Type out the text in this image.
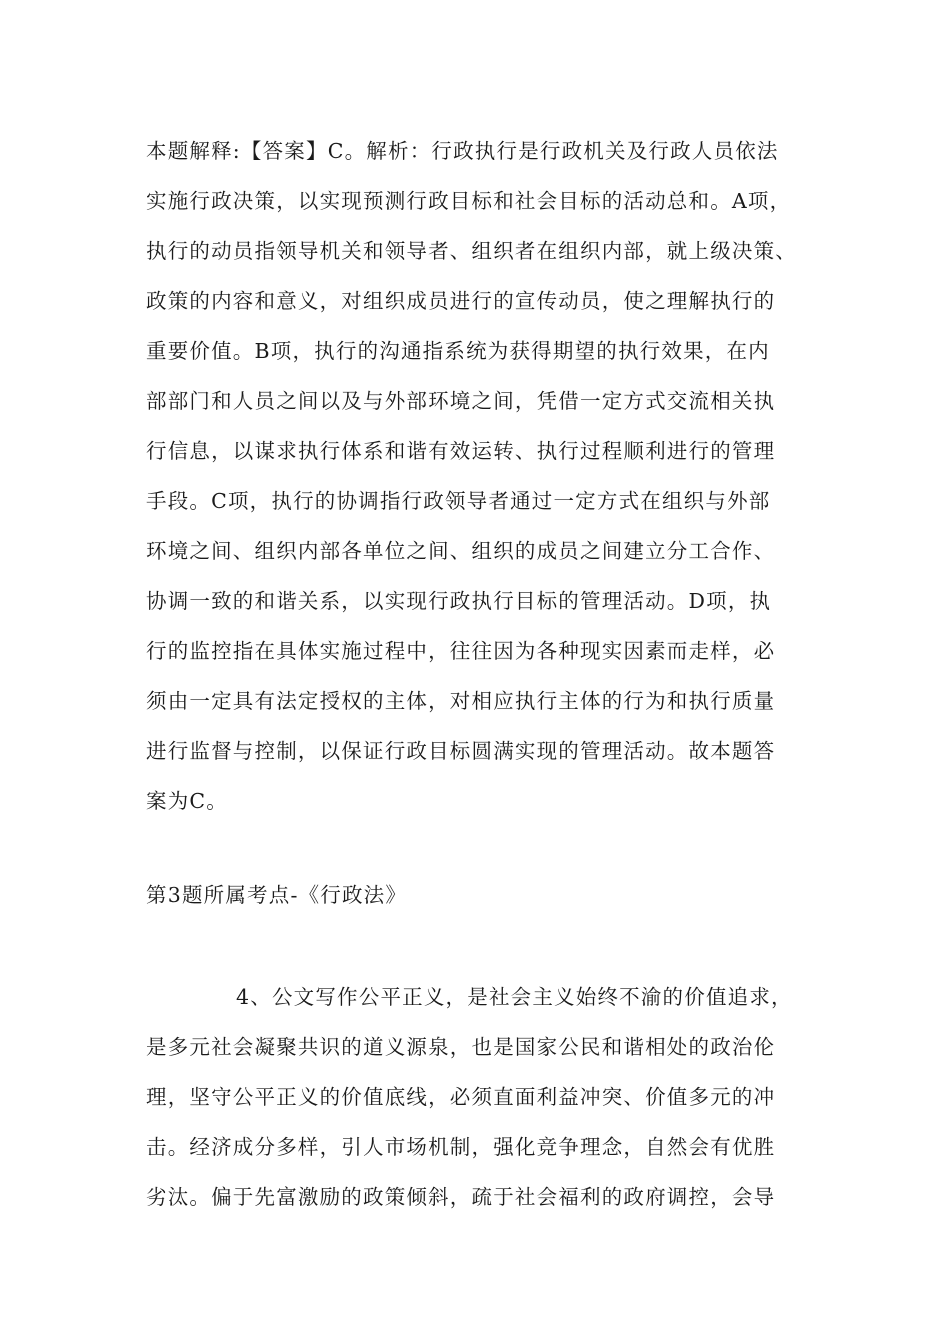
本题解释:【答案】C。解析：行政执行是行政机关及行政人员依法
实施行政决策，以实现预测行政目标和社会目标的活动总和。A项，
执行的动员指领导机关和领导者、组织者在组织内部，就上级决策、
政策的内容和意义，对组织成员进行的宣传动员，使之理解执行的
重要价值。B项，执行的沟通指系统为获得期望的执行效果，在内
部部门和人员之间以及与外部环境之间，凭借一定方式交流相关执
行信息，以谋求执行体系和谐有效运转、执行过程顺利进行的管理
手段。C项，执行的协调指行政领导者通过一定方式在组织与外部
环境之间、组织内部各单位之间、组织的成员之间建立分工合作、
协调一致的和谐关系，以实现行政执行目标的管理活动。D项，执
行的监控指在具体实施过程中，往往因为各种现实因素而走样，必
须由一定具有法定授权的主体，对相应执行主体的行为和执行质量
进行监督与控制，以保证行政目标圆满实现的管理活动。故本题答
案为C。
第3题所属考点-《行政法》
4、公文写作公平正义，是社会主义始终不渝的价值追求，
是多元社会凝聚共识的道义源泉，也是国家公民和谐相处的政治伦
理，坚守公平正义的价值底线，必须直面利益冲突、价值多元的冲
击。经济成分多样，引人市场机制，强化竞争理念，自然会有优胜
劣汰。偏于先富激励的政策倾斜，疏于社会福利的政府调控，会导
